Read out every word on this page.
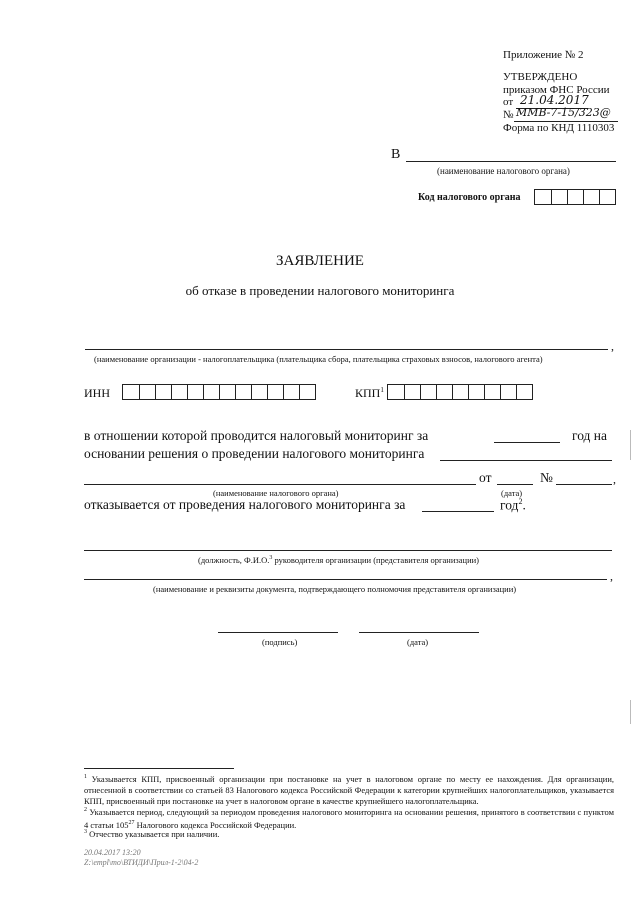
Приложение № 2
УТВЕРЖДЕНО
приказом ФНС России
от 21.04.2017
№ ММВ-7-15/323@
Форма по КНД 1110303
В
(наименование налогового органа)
Код налогового органа
ЗАЯВЛЕНИЕ
об отказе в проведении налогового мониторинга
,
(наименование организации - налогоплательщика (плательщика сбора, плательщика страховых взносов, налогового агента)
ИНН	КПП$^1$
в отношении которой проводится налоговый мониторинг за	год на
основании решения о проведении налогового мониторинга
от	№	,
(наименование налогового органа)	(дата)
отказывается от проведения налогового мониторинга за	год$^2$.
(должность, Ф.И.О.$^3$ руководителя организации (представителя организации)
,
(наименование и реквизиты документа, подтверждающего полномочия представителя организации)
(подпись)	(дата)
$^1$ Указывается КПП, присвоенный организации при постановке на учет в налоговом органе по месту ее нахождения. Для организации, отнесенной в соответствии со статьей 83 Налогового кодекса Российской Федерации к категории крупнейших налогоплательщиков, указывается КПП, присвоенный при постановке на учет в налоговом органе в качестве крупнейшего налогоплательщика.
$^2$ Указывается период, следующий за периодом проведения налогового мониторинга на основании решения, принятого в соответствии с пунктом 4 статьи $105^{27}$ Налогового кодекса Российской Федерации.
$^3$ Отчество указывается при наличии.
20.04.2017 13:20
Z:\empl\mo\ВТИДИ\Прил-1-2\04-2
